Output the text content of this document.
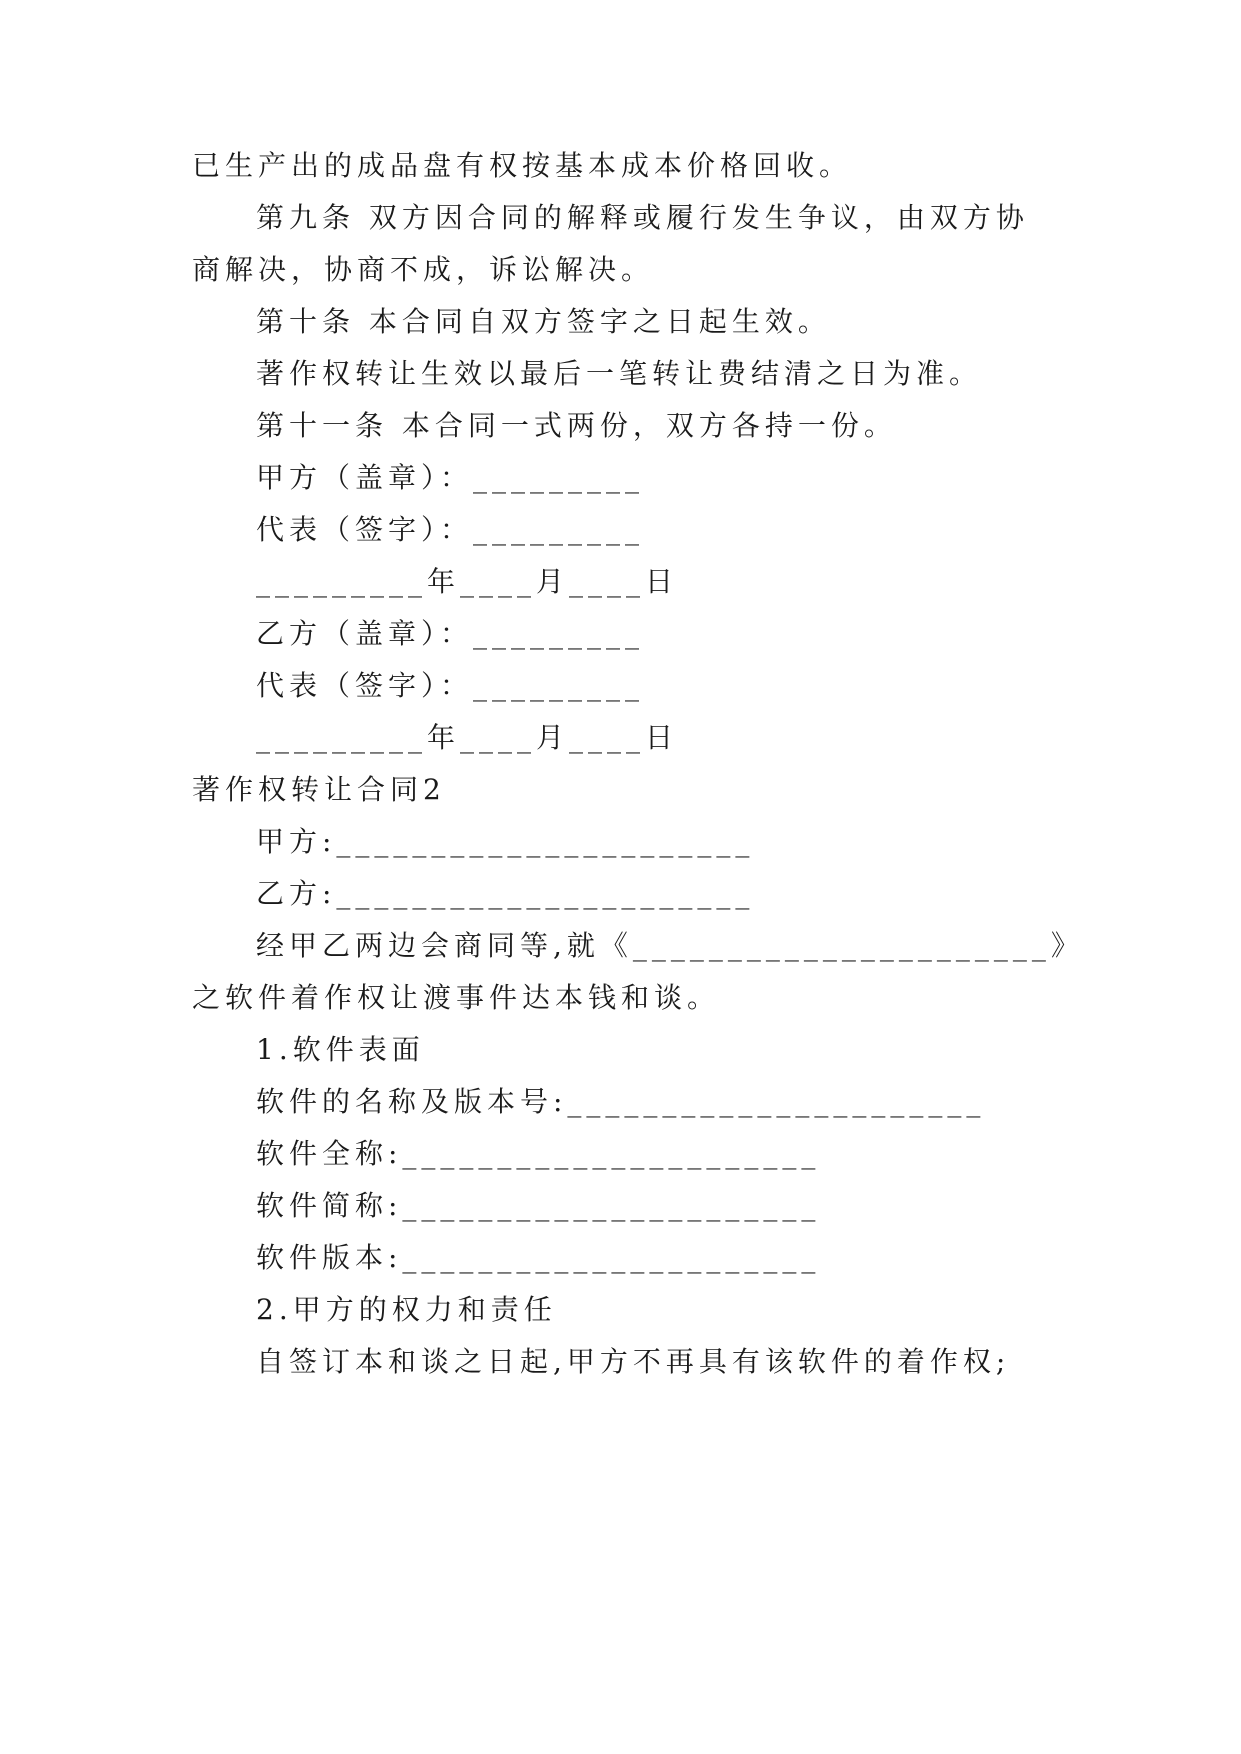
已生产出的成品盘有权按基本成本价格回收。
第九条 双方因合同的解释或履行发生争议，由双方协
商解决，协商不成，诉讼解决。
第十条 本合同自双方签字之日起生效。
著作权转让生效以最后一笔转让费结清之日为准。
第十一条 本合同一式两份，双方各持一份。
甲方（盖章）：_________
代表（签字）：_________
_________年____月____日
乙方（盖章）：_________
代表（签字）：_________
_________年____月____日
著作权转让合同2
甲方:______________________
乙方:______________________
经甲乙两边会商同等,就《______________________》
之软件着作权让渡事件达本钱和谈。
1.软件表面
软件的名称及版本号:______________________
软件全称:______________________
软件简称:______________________
软件版本:______________________
2.甲方的权力和责任
自签订本和谈之日起,甲方不再具有该软件的着作权;
